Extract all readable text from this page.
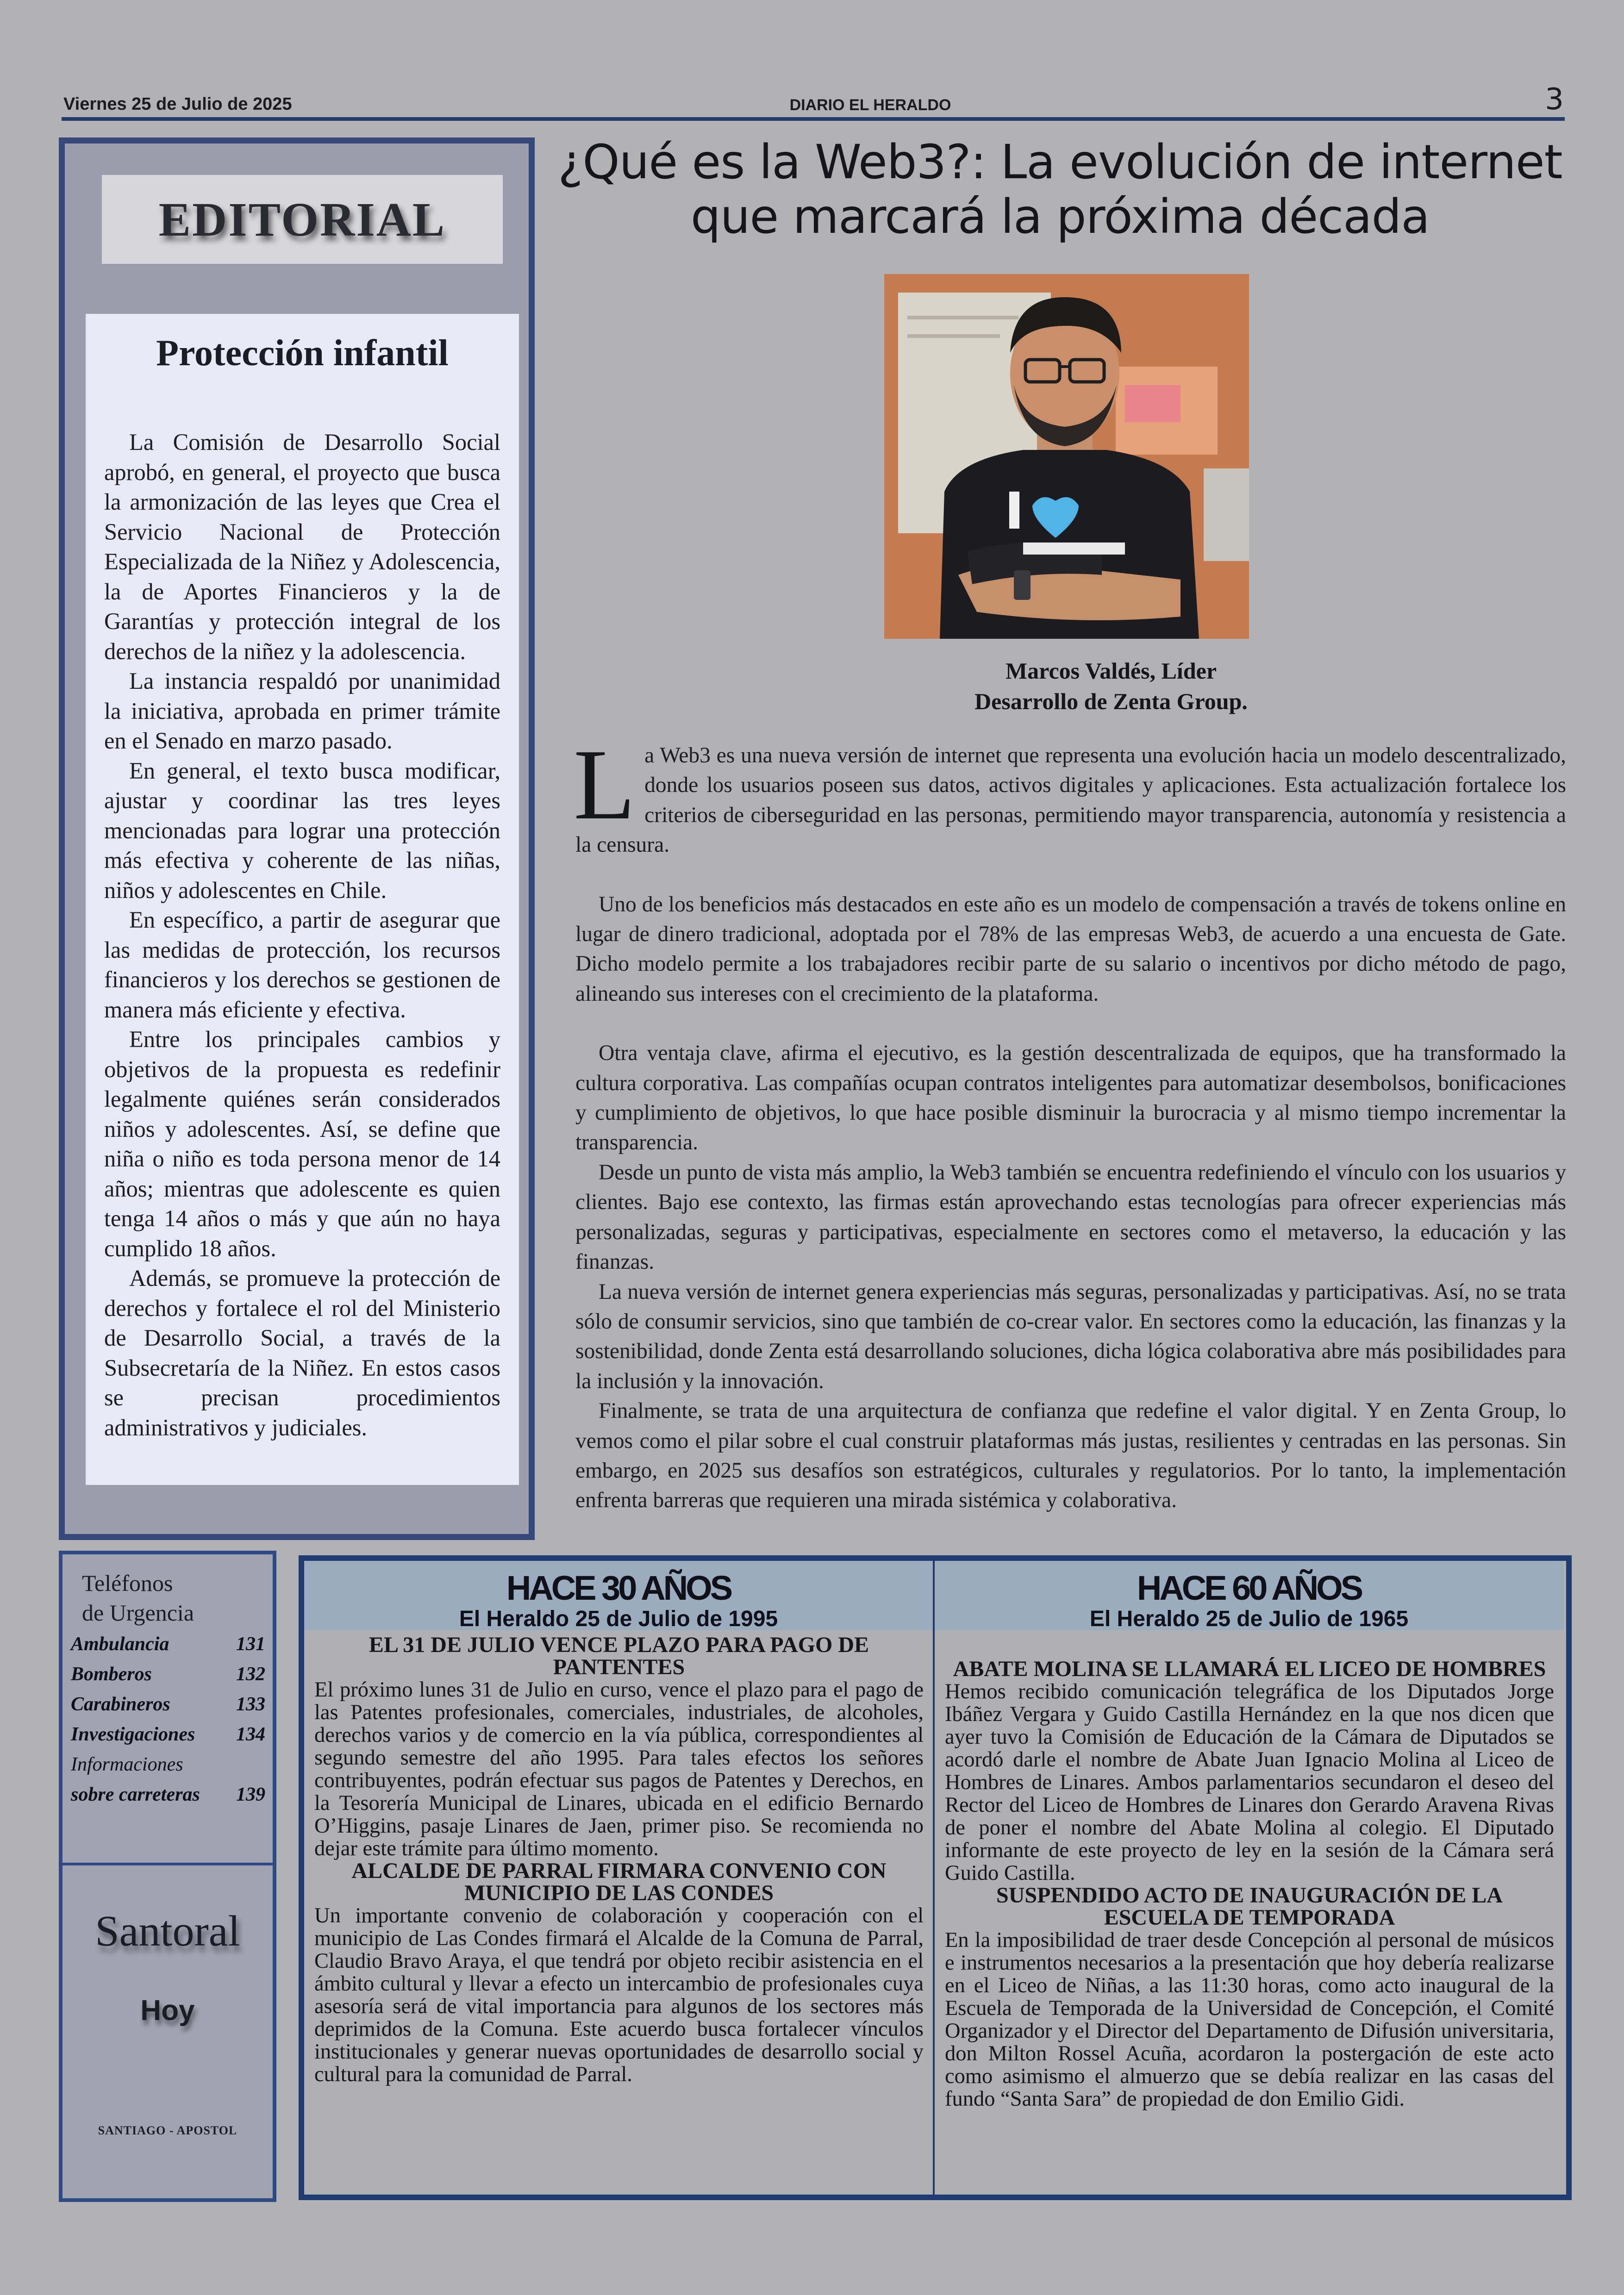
Viernes 25 de Julio de 2025	DIARIO EL HERALDO	3
EDITORIAL
Protección infantil

La Comisión de Desarrollo Social aprobó, en general, el proyecto que busca la armonización de las leyes que Crea el Servicio Nacional de Protección Especializada de la Niñez y Adolescencia, la de Aportes Financieros y la de Garantías y protección integral de los derechos de la niñez y la adolescencia.

La instancia respaldó por unanimidad la iniciativa, aprobada en primer trámite en el Senado en marzo pasado.

En general, el texto busca modificar, ajustar y coordinar las tres leyes mencionadas para lograr una protección más efectiva y coherente de las niñas, niños y adolescentes en Chile.

En específico, a partir de asegurar que las medidas de protección, los recursos financieros y los derechos se gestionen de manera más eficiente y efectiva.

Entre los principales cambios y objetivos de la propuesta es redefinir legalmente quiénes serán considerados niños y adolescentes. Así, se define que niña o niño es toda persona menor de 14 años; mientras que adolescente es quien tenga 14 años o más y que aún no haya cumplido 18 años.

Además, se promueve la protección de derechos y fortalece el rol del Ministerio de Desarrollo Social, a través de la Subsecretaría de la Niñez. En estos casos se precisan procedimientos administrativos y judiciales.

¿Qué es la Web3?: La evolución de internet que marcará la próxima década
Marcos Valdés, Líder
Desarrollo de Zenta Group.

La Web3 es una nueva versión de internet que representa una evolución hacia un modelo descentralizado, donde los usuarios poseen sus datos, activos digitales y aplicaciones. Esta actualización fortalece los criterios de ciberseguridad en las personas, permitiendo mayor transparencia, autonomía y resistencia a la censura.

Uno de los beneficios más destacados en este año es un modelo de compensación a través de tokens online en lugar de dinero tradicional, adoptada por el 78% de las empresas Web3, de acuerdo a una encuesta de Gate. Dicho modelo permite a los trabajadores recibir parte de su salario o incentivos por dicho método de pago, alineando sus intereses con el crecimiento de la plataforma.

Otra ventaja clave, afirma el ejecutivo, es la gestión descentralizada de equipos, que ha transformado la cultura corporativa. Las compañías ocupan contratos inteligentes para automatizar desembolsos, bonificaciones y cumplimiento de objetivos, lo que hace posible disminuir la burocracia y al mismo tiempo incrementar la transparencia.

Desde un punto de vista más amplio, la Web3 también se encuentra redefiniendo el vínculo con los usuarios y clientes. Bajo ese contexto, las firmas están aprovechando estas tecnologías para ofrecer experiencias más personalizadas, seguras y participativas, especialmente en sectores como el metaverso, la educación y las finanzas.

La nueva versión de internet genera experiencias más seguras, personalizadas y participativas. Así, no se trata sólo de consumir servicios, sino que también de co-crear valor. En sectores como la educación, las finanzas y la sostenibilidad, donde Zenta está desarrollando soluciones, dicha lógica colaborativa abre más posibilidades para la inclusión y la innovación.

Finalmente, se trata de una arquitectura de confianza que redefine el valor digital. Y en Zenta Group, lo vemos como el pilar sobre el cual construir plataformas más justas, resilientes y centradas en las personas. Sin embargo, en 2025 sus desafíos son estratégicos, culturales y regulatorios. Por lo tanto, la implementación enfrenta barreras que requieren una mirada sistémica y colaborativa.

Teléfonos
de Urgencia
Ambulancia	131
Bomberos	132
Carabineros	133
Investigaciones 134
Informaciones
sobre carreteras 139
Santoral
Hoy
SANTIAGO - APOSTOL
HACE 30 AÑOS
El Heraldo 25 de Julio de 1995
EL 31 DE JULIO VENCE PLAZO PARA PAGO DE PANTENTES

El próximo lunes 31 de Julio en curso, vence el plazo para el pago de las Patentes profesionales, comerciales, industriales, de alcoholes, derechos varios y de comercio en la vía pública, correspondientes al segundo semestre del año 1995. Para tales efectos los señores contribuyentes, podrán efectuar sus pagos de Patentes y Derechos, en la Tesorería Municipal de Linares, ubicada en el edificio Bernardo O’Higgins, pasaje Linares de Jaen, primer piso. Se recomienda no dejar este trámite para último momento.

ALCALDE DE PARRAL FIRMARA CONVENIO CON MUNICIPIO DE LAS CONDES

Un importante convenio de colaboración y cooperación con el municipio de Las Condes firmará el Alcalde de la Comuna de Parral, Claudio Bravo Araya, el que tendrá por objeto recibir asistencia en el ámbito cultural y llevar a efecto un intercambio de profesionales cuya asesoría será de vital importancia para algunos de los sectores más deprimidos de la Comuna. Este acuerdo busca fortalecer vínculos institucionales y generar nuevas oportunidades de desarrollo social y cultural para la comunidad de Parral.

HACE 60 AÑOS
El Heraldo 25 de Julio de 1965
ABATE MOLINA SE LLAMARÁ EL LICEO DE HOMBRES

Hemos recibido comunicación telegráfica de los Diputados Jorge Ibáñez Vergara y Guido Castilla Hernández en la que nos dicen que ayer tuvo la Comisión de Educación de la Cámara de Diputados se acordó darle el nombre de Abate Juan Ignacio Molina al Liceo de Hombres de Linares. Ambos parlamentarios secundaron el deseo del Rector del Liceo de Hombres de Linares don Gerardo Aravena Rivas de poner el nombre del Abate Molina al colegio. El Diputado informante de este proyecto de ley en la sesión de la Cámara será Guido Castilla.

SUSPENDIDO ACTO DE INAUGURACIÓN DE LA ESCUELA DE TEMPORADA

En la imposibilidad de traer desde Concepción al personal de músicos e instrumentos necesarios a la presentación que hoy debería realizarse en el Liceo de Niñas, a las 11:30 horas, como acto inaugural de la Escuela de Temporada de la Universidad de Concepción, el Comité Organizador y el Director del Departamento de Difusión universitaria, don Milton Rossel Acuña, acordaron la postergación de este acto como asimismo el almuerzo que se debía realizar en las casas del fundo “Santa Sara” de propiedad de don Emilio Gidi.
